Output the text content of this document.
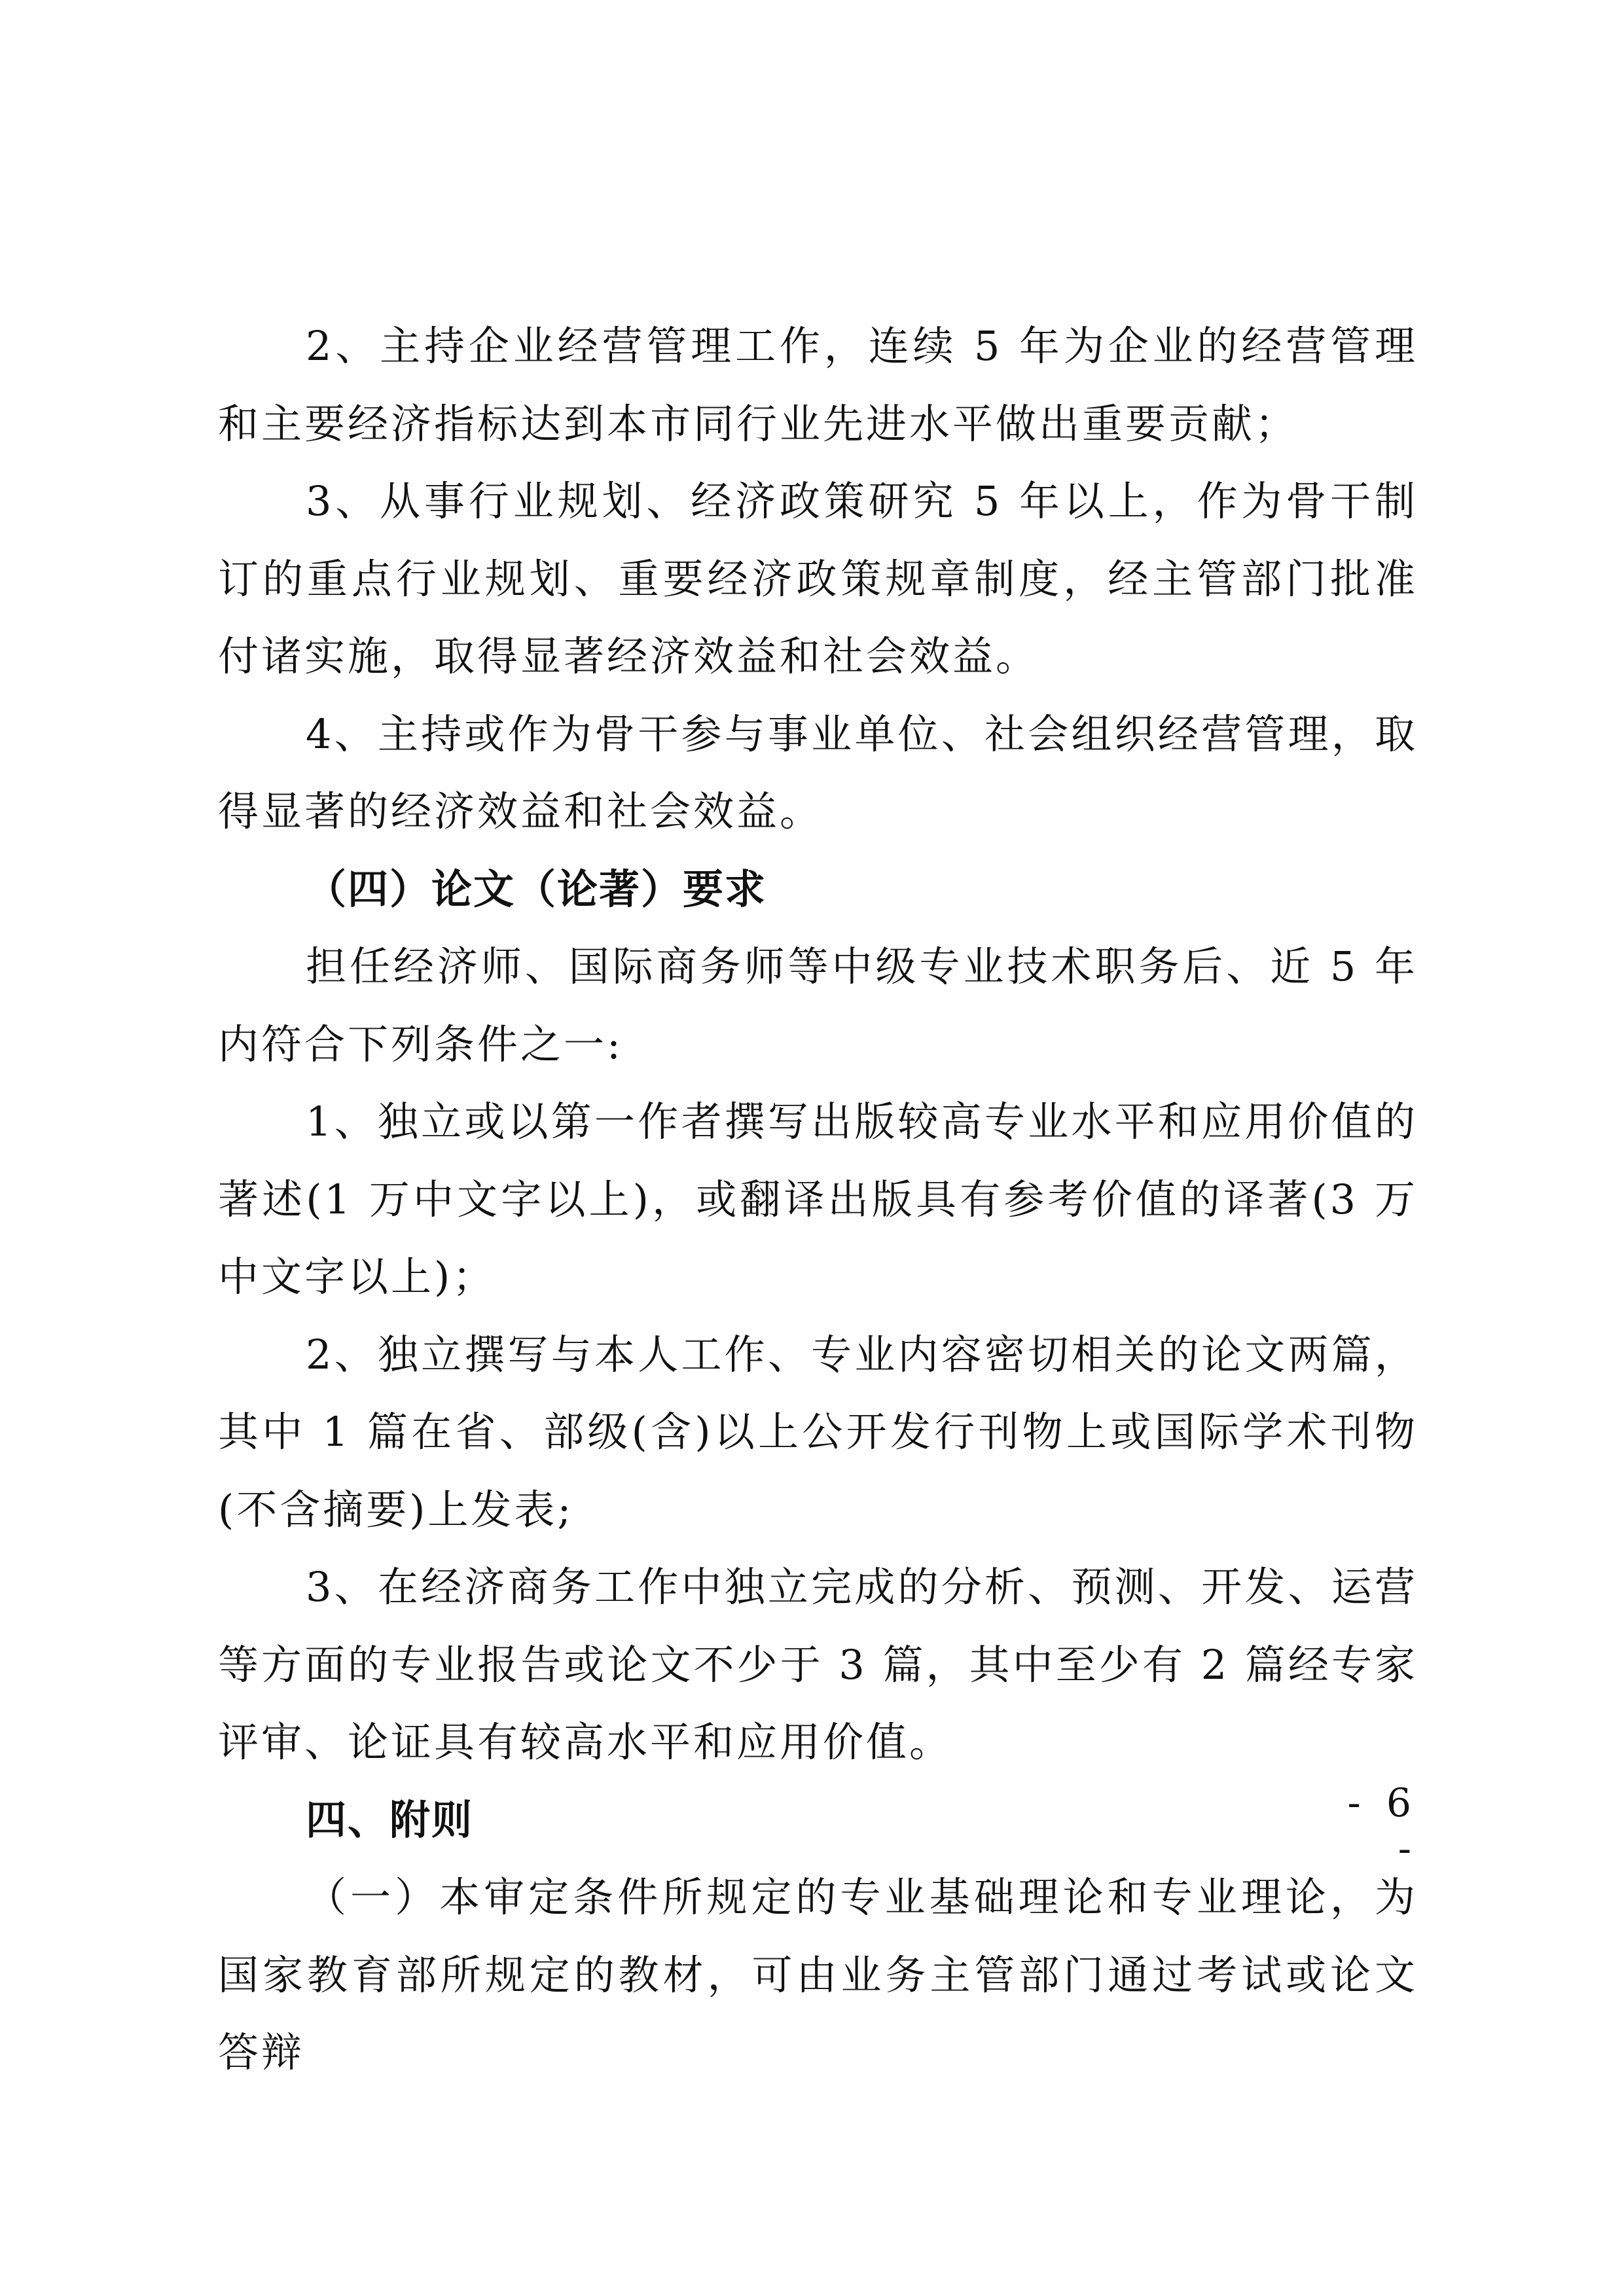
2、主持企业经营管理工作，连续 5 年为企业的经营管理和主要经济指标达到本市同行业先进水平做出重要贡献；

3、从事行业规划、经济政策研究 5 年以上，作为骨干制订的重点行业规划、重要经济政策规章制度，经主管部门批准付诸实施，取得显著经济效益和社会效益。

4、主持或作为骨干参与事业单位、社会组织经营管理，取得显著的经济效益和社会效益。

（四）论文（论著）要求

担任经济师、国际商务师等中级专业技术职务后、近 5 年内符合下列条件之一:

1、独立或以第一作者撰写出版较高专业水平和应用价值的著述(1 万中文字以上)，或翻译出版具有参考价值的译著(3 万中文字以上)；

2、独立撰写与本人工作、专业内容密切相关的论文两篇，其中 1 篇在省、部级(含)以上公开发行刊物上或国际学术刊物(不含摘要)上发表;

3、在经济商务工作中独立完成的分析、预测、开发、运营等方面的专业报告或论文不少于 3 篇，其中至少有 2 篇经专家评审、论证具有较高水平和应用价值。

四、附则

（一）本审定条件所规定的专业基础理论和专业理论，为国家教育部所规定的教材，可由业务主管部门通过考试或论文答辩

- 6 -
